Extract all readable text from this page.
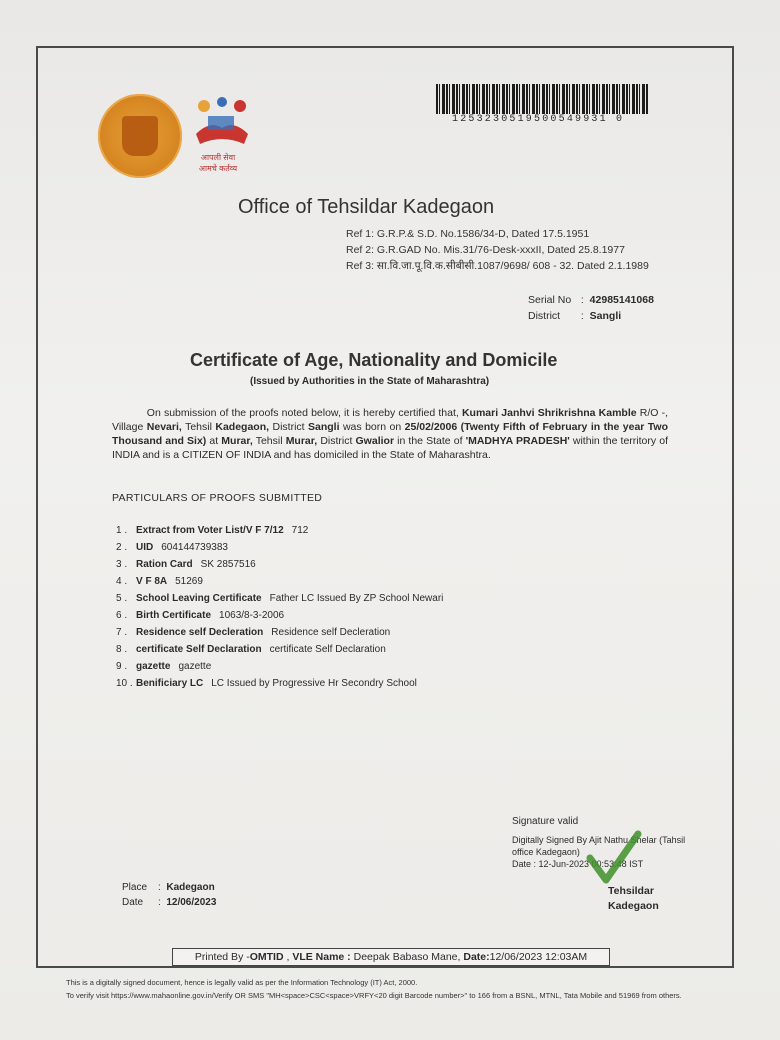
आपली सेवा
आमचे कर्तव्य
1253230519500549931 0
Office of Tehsildar Kadegaon
Ref 1: G.R.P.& S.D. No.1586/34-D, Dated 17.5.1951
Ref 2: G.R.GAD No. Mis.31/76-Desk-xxxII, Dated 25.8.1977
Ref 3: सा.वि.जा.पू.वि.क.सीबीसी.1087/9698/ 608 - 32. Dated 2.1.1989
Serial No :  42985141068
District :  Sangli
Certificate of Age, Nationality and Domicile
(Issued by Authorities in the State of Maharashtra)
On submission of the proofs noted below, it is hereby certified that, Kumari Janhvi Shrikrishna Kamble R/O -, Village Nevari, Tehsil Kadegaon, District Sangli was born on 25/02/2006 (Twenty Fifth of February in the year Two Thousand and Six) at Murar, Tehsil Murar, District Gwalior in the State of 'MADHYA PRADESH' within the territory of INDIA and is a CITIZEN OF INDIA and has domiciled in the State of Maharashtra.
PARTICULARS OF PROOFS SUBMITTED
1 . Extract from Voter List/V F 7/12 712
2 . UID 604144739383
3 . Ration Card SK 2857516
4 . V F 8A 51269
5 . School Leaving Certificate Father LC Issued By ZP School Newari
6 . Birth Certificate 1063/8-3-2006
7 . Residence self Decleration Residence self Decleration
8 . certificate Self Declaration certificate Self Declaration
9 . gazette gazette
10 . Benificiary LC LC Issued by Progressive Hr Secondry School
Signature valid
Digitally Signed By Ajit Nathu Shelar (Tahsil
office Kadegaon)
Date : 12-Jun-2023 00:53:48 IST
Tehsildar
Kadegaon
Place :  Kadegaon
Date :  12/06/2023
Printed By -OMTID , VLE Name : Deepak Babaso Mane, Date:12/06/2023 12:03AM
This is a digitally signed document, hence is legally valid as per the Information Technology (IT) Act, 2000.
To verify visit https://www.mahaonline.gov.in/Verify OR SMS "MH<space>CSC<space>VRFY<20 digit Barcode number>" to 166 from a BSNL, MTNL, Tata Mobile and 51969 from others.
